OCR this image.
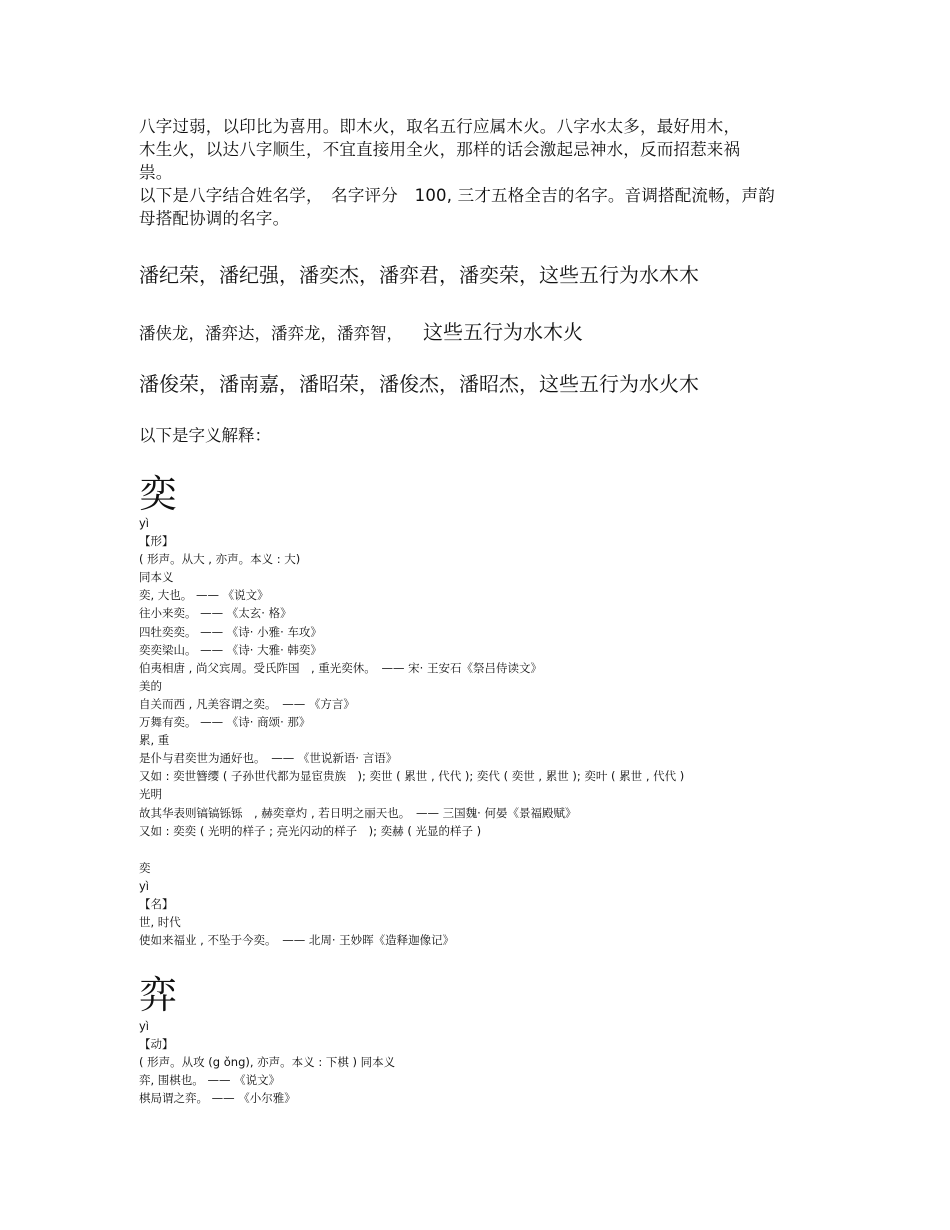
八字过弱，以印比为喜用。即木火，取名五行应属木火。八字水太多，最好用木，

木生火，以达八字顺生，不宜直接用全火，那样的话会激起忌神水，反而招惹来祸

祟。

以下是八字结合姓名学，　名字评分　100, 三才五格全吉的名字。音调搭配流畅，声韵

母搭配协调的名字。

潘纪荣，潘纪强，潘奕杰，潘弈君，潘奕荣，这些五行为水木木
潘侠龙，潘弈达，潘弈龙，潘弈智， 这些五行为水木火
潘俊荣，潘南嘉，潘昭荣，潘俊杰，潘昭杰，这些五行为水火木
以下是字义解释：
奕
yì
【形】
( 形声。从大 , 亦声。本义 : 大)
同本义
奕, 大也。 —— 《说文》
往小来奕。 —— 《太玄· 格》
四牡奕奕。 —— 《诗· 小雅· 车攻》
奕奕梁山。 —— 《诗· 大雅· 韩奕》
伯夷相唐 , 尚父宾周。受氏阼国　, 重光奕休。　—— 宋· 王安石《祭吕侍读文》
美的
自关而西 , 凡美容谓之奕。　—— 《方言》
万舞有奕。 —— 《诗· 商颂· 那》
累, 重
是仆与君奕世为通好也。　—— 《世说新语· 言语》
又如 : 奕世簪缨 ( 子孙世代都为显宦贵族　); 奕世 ( 累世 , 代代 ); 奕代 ( 奕世 , 累世 ); 奕叶 ( 累世 , 代代 )
光明
故其华表则镐镐铄铄　, 赫奕章灼 , 若日明之丽天也。　—— 三国魏· 何晏《景福殿赋》
又如 : 奕奕 ( 光明的样子 ; 亮光闪动的样子　); 奕赫 ( 光显的样子 )
奕
yì
【名】
世, 时代
使如来福业 , 不坠于今奕。　—— 北周· 王妙晖《造释迦像记》
弈
yì
【动】
( 形声。从攻 (g ǒng), 亦声。本义 : 下棋 ) 同本义
弈, 围棋也。 —— 《说文》
棋局谓之弈。 —— 《小尔雅》
